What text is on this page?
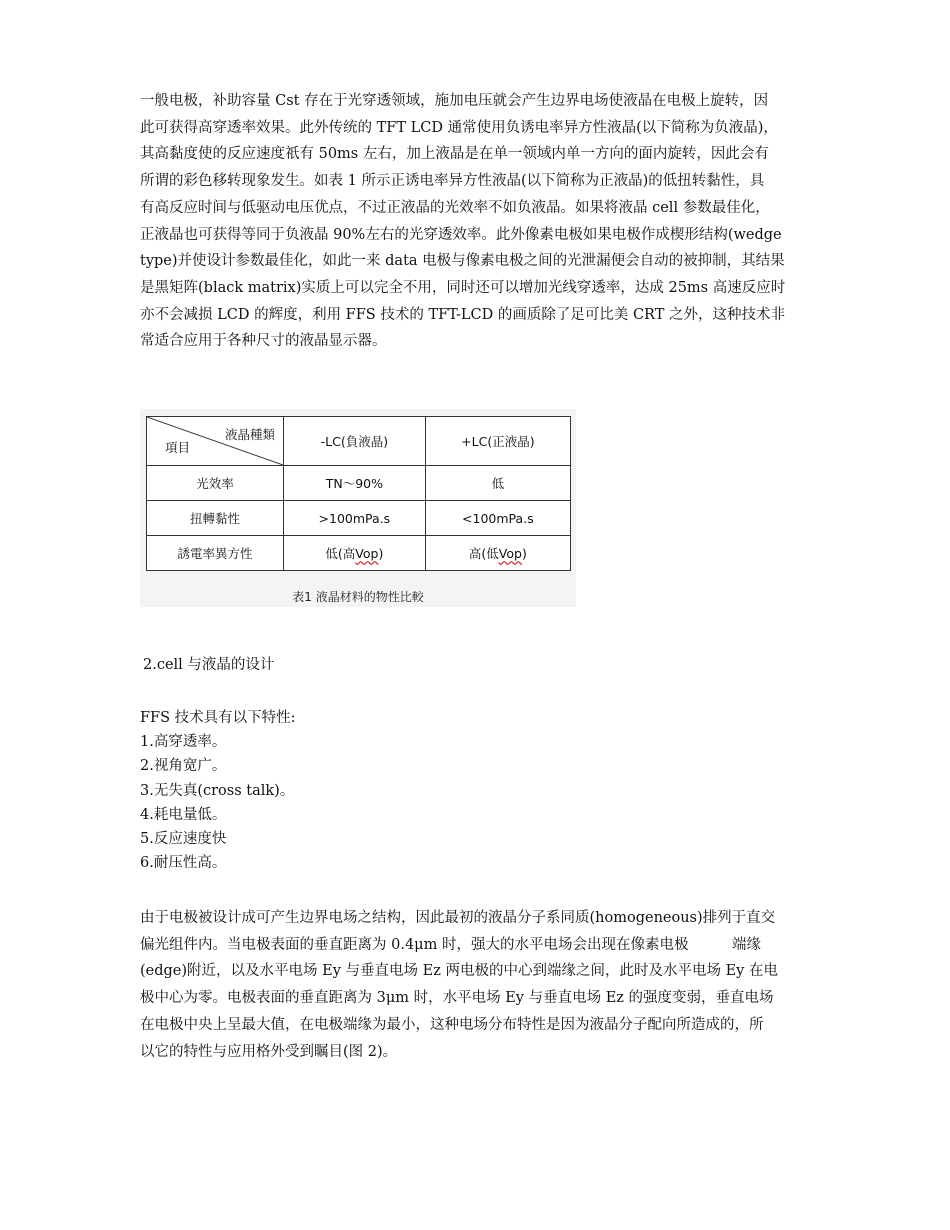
一般电极，补助容量 Cst 存在于光穿透领域，施加电压就会产生边界电场使液晶在电极上旋转，因
此可获得高穿透率效果。此外传统的 TFT LCD 通常使用负诱电率异方性液晶(以下简称为负液晶)，
其高黏度使的反应速度祇有 50ms 左右，加上液晶是在单一领域内单一方向的面内旋转，因此会有
所谓的彩色移转现象发生。如表 1 所示正诱电率异方性液晶(以下简称为正液晶)的低扭转黏性，具
有高反应时间与低驱动电压优点，不过正液晶的光效率不如负液晶。如果将液晶 cell 参数最佳化，
正液晶也可获得等同于负液晶 90%左右的光穿透效率。此外像素电极如果电极作成楔形结构(wedge
type)并使设计参数最佳化，如此一来 data 电极与像素电极之间的光泄漏便会自动的被抑制，其结果
是黑矩阵(black matrix)实质上可以完全不用，同时还可以增加光线穿透率，达成 25ms 高速反应时
亦不会减损 LCD 的辉度，利用 FFS 技术的 TFT-LCD 的画质除了足可比美 CRT 之外，这种技术非
常适合应用于各种尺寸的液晶显示器。
液晶種類
項目	-LC(負液晶)	+LC(正液晶)
光效率	TN～90%	低
扭轉黏性	>100mPa.s	<100mPa.s
誘電率異方性	低(高Vop)	高(低Vop)
表1 液晶材料的物性比較
2.cell 与液晶的设计
FFS 技术具有以下特性:
1.高穿透率。
2.视角宽广。
3.无失真(cross talk)。
4.耗电量低。
5.反应速度快
6.耐压性高。
由于电极被设计成可产生边界电场之结构，因此最初的液晶分子系同质(homogeneous)排列于直交
偏光组件内。当电极表面的垂直距离为 0.4μm 时，强大的水平电场会出现在像素电极　　　端缘
(edge)附近，以及水平电场 Ey 与垂直电场 Ez 两电极的中心到端缘之间，此时及水平电场 Ey 在电
极中心为零。电极表面的垂直距离为 3μm 时，水平电场 Ey 与垂直电场 Ez 的强度变弱，垂直电场
在电极中央上呈最大值，在电极端缘为最小，这种电场分布特性是因为液晶分子配向所造成的，所
以它的特性与应用格外受到瞩目(图 2)。
